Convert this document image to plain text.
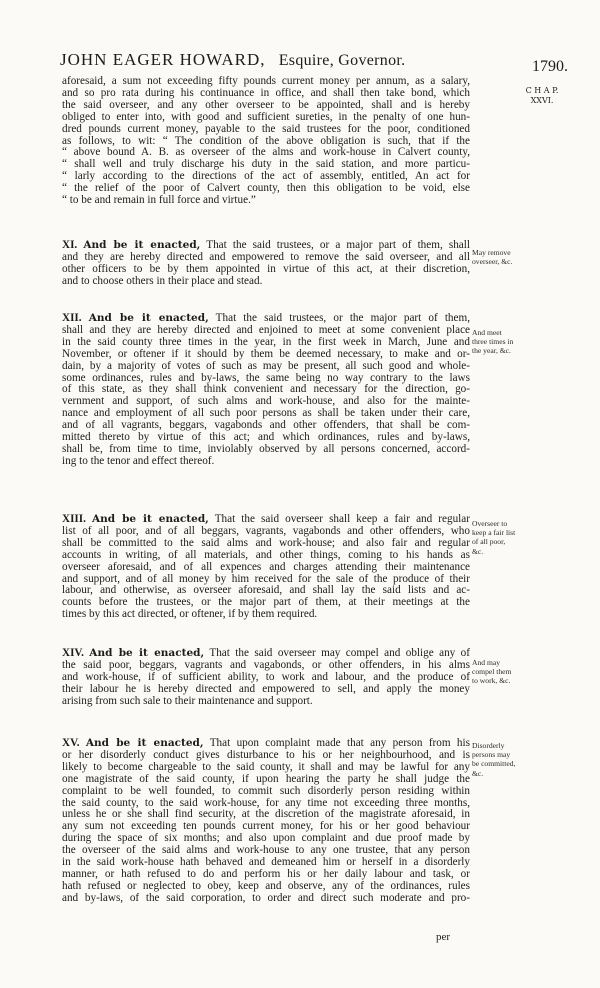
JOHN EAGER HOWARD, Esquire, Governor.	1790.
C H A P.
XXVI.
aforesaid, a sum not exceeding fifty pounds current money per annum, as a salary,
and so pro rata during his continuance in office, and shall then take bond, which
the said overseer, and any other overseer to be appointed, shall and is hereby
obliged to enter into, with good and sufficient sureties, in the penalty of one hun-
dred pounds current money, payable to the said trustees for the poor, conditioned
as follows, to wit: “ The condition of the above obligation is such, that if the
“ above bound A. B. as overseer of the alms and work-house in Calvert county,
“ shall well and truly discharge his duty in the said station, and more particu-
“ larly according to the directions of the act of assembly, entitled, An act for
“ the relief of the poor of Calvert county, then this obligation to be void, else
“ to be and remain in full force and virtue.”
XI. And be it enacted, That the said trustees, or a major part of them, shall
and they are hereby directed and empowered to remove the said overseer, and all
other officers to be by them appointed in virtue of this act, at their discretion,
and to choose others in their place and stead.
May remove
overseer, &c.
XII. And be it enacted, That the said trustees, or the major part of them,
shall and they are hereby directed and enjoined to meet at some convenient place
in the said county three times in the year, in the first week in March, June and
November, or oftener if it should by them be deemed necessary, to make and or-
dain, by a majority of votes of such as may be present, all such good and whole-
some ordinances, rules and by-laws, the same being no way contrary to the laws
of this state, as they shall think convenient and necessary for the direction, go-
vernment and support, of such alms and work-house, and also for the mainte-
nance and employment of all such poor persons as shall be taken under their care,
and of all vagrants, beggars, vagabonds and other offenders, that shall be com-
mitted thereto by virtue of this act; and which ordinances, rules and by-laws,
shall be, from time to time, inviolably observed by all persons concerned, accord-
ing to the tenor and effect thereof.
And meet
three times in
the year, &c.
XIII. And be it enacted, That the said overseer shall keep a fair and regular
list of all poor, and of all beggars, vagrants, vagabonds and other offenders, who
shall be committed to the said alms and work-house; and also fair and regular
accounts in writing, of all materials, and other things, coming to his hands as
overseer aforesaid, and of all expences and charges attending their maintenance
and support, and of all money by him received for the sale of the produce of their
labour, and otherwise, as overseer aforesaid, and shall lay the said lists and ac-
counts before the trustees, or the major part of them, at their meetings at the
times by this act directed, or oftener, if by them required.
Overseer to
keep a fair list
of all poor,
&c.
XIV. And be it enacted, That the said overseer may compel and oblige any of
the said poor, beggars, vagrants and vagabonds, or other offenders, in his alms
and work-house, if of sufficient ability, to work and labour, and the produce of
their labour he is hereby directed and empowered to sell, and apply the money
arising from such sale to their maintenance and support.
And may
compel them
to work, &c.
XV. And be it enacted, That upon complaint made that any person from his
or her disorderly conduct gives disturbance to his or her neighbourhood, and is
likely to become chargeable to the said county, it shall and may be lawful for any
one magistrate of the said county, if upon hearing the party he shall judge the
complaint to be well founded, to commit such disorderly person residing within
the said county, to the said work-house, for any time not exceeding three months,
unless he or she shall find security, at the discretion of the magistrate aforesaid, in
any sum not exceeding ten pounds current money, for his or her good behaviour
during the space of six months; and also upon complaint and due proof made by
the overseer of the said alms and work-house to any one trustee, that any person
in the said work-house hath behaved and demeaned him or herself in a disorderly
manner, or hath refused to do and perform his or her daily labour and task, or
hath refused or neglected to obey, keep and observe, any of the ordinances, rules
and by-laws, of the said corporation, to order and direct such moderate and pro-
Disorderly
persons may
be committed,
&c.
per
